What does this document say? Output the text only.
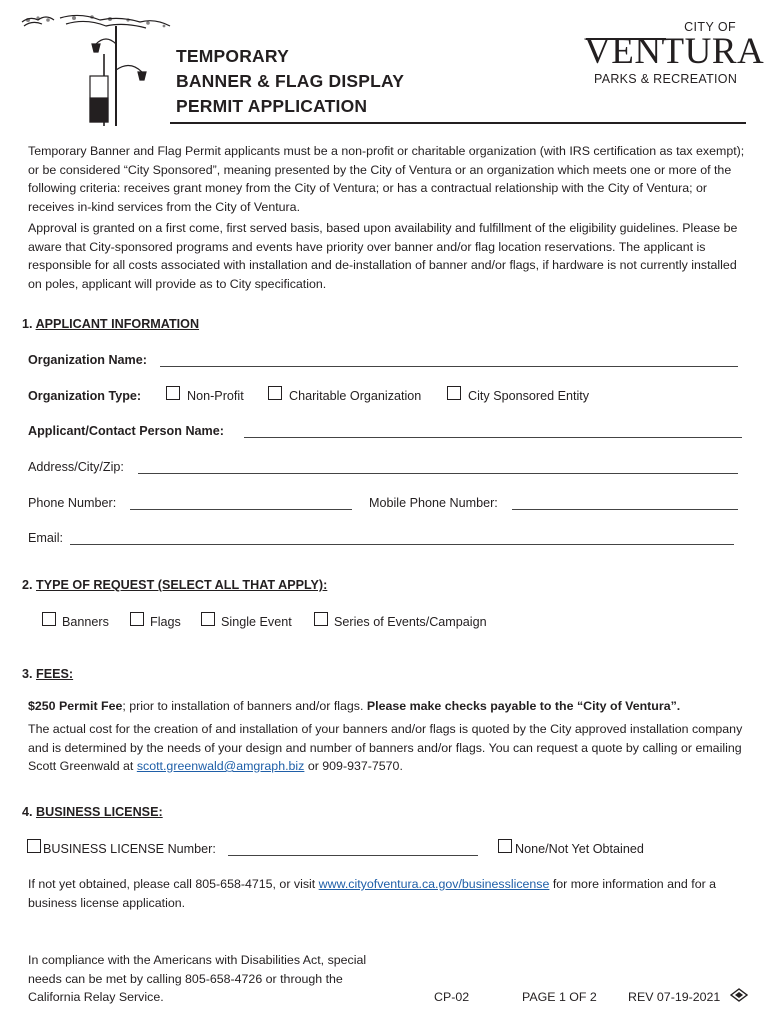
TEMPORARY
BANNER & FLAG DISPLAY
PERMIT APPLICATION
CITY OF
VENTURA
PARKS & RECREATION
Temporary Banner and Flag Permit applicants must be a non-profit or charitable organization (with IRS certification as tax exempt); or be considered “City Sponsored”, meaning presented by the City of Ventura or an organization which meets one or more of the following criteria: receives grant money from the City of Ventura; or has a contractual relationship with the City of Ventura; or receives in-kind services from the City of Ventura.
Approval is granted on a first come, first served basis, based upon availability and fulfillment of the eligibility guidelines. Please be aware that City-sponsored programs and events have priority over banner and/or flag location reservations. The applicant is responsible for all costs associated with installation and de-installation of banner and/or flags, if hardware is not currently installed on poles, applicant will provide as to City specification.
1. APPLICANT INFORMATION
Organization Name:
Organization Type:	Non-Profit	Charitable Organization	City Sponsored Entity
Applicant/Contact Person Name:
Address/City/Zip:
Phone Number:	Mobile Phone Number:
Email:
2. TYPE OF REQUEST (SELECT ALL THAT APPLY):
Banners	Flags	Single Event	Series of Events/Campaign
3. FEES:
$250 Permit Fee; prior to installation of banners and/or flags. Please make checks payable to the “City of Ventura”.
The actual cost for the creation of and installation of your banners and/or flags is quoted by the City approved installation company and is determined by the needs of your design and number of banners and/or flags. You can request a quote by calling or emailing Scott Greenwald at scott.greenwald@amgraph.biz or 909-937-7570.
4. BUSINESS LICENSE:
BUSINESS LICENSE Number:	None/Not Yet Obtained
If not yet obtained, please call 805-658-4715, or visit www.cityofventura.ca.gov/businesslicense for more information and for a business license application.
In compliance with the Americans with Disabilities Act, special needs can be met by calling 805-658-4726 or through the California Relay Service.	CP-02	PAGE 1 OF 2	REV 07-19-2021
